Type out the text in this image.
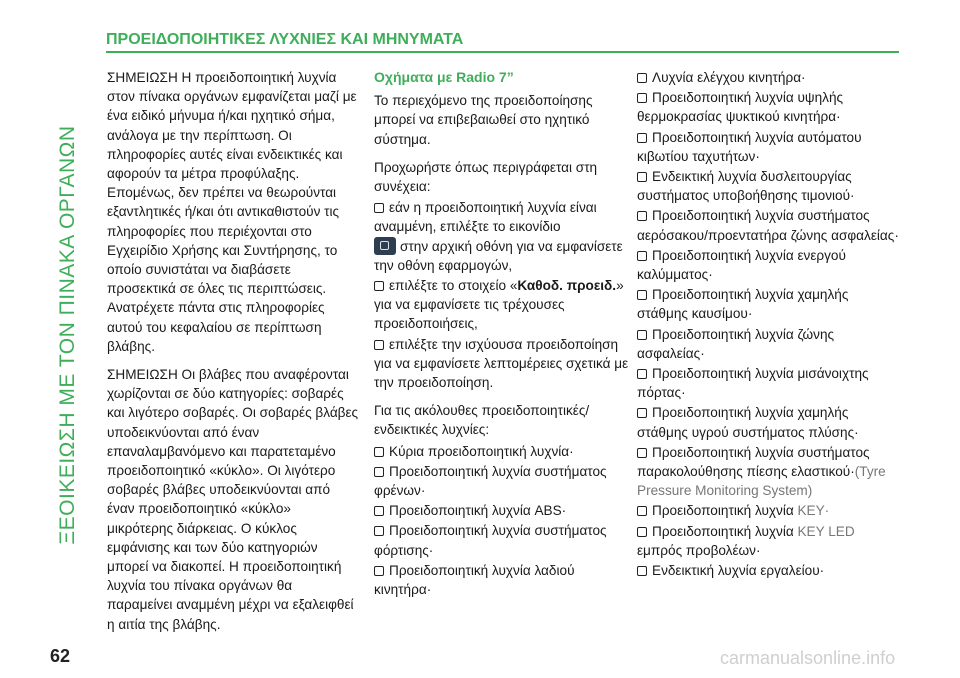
ΞΕΟΙΚΕΙΩΣΗ ΜΕ ΤΟΝ ΠΙΝΑΚΑ ΟΡΓΑΝΩΝ
ΠΡΟΕΙΔΟΠΟΙΗΤΙΚΕΣ ΛΥΧΝΙΕΣ ΚΑΙ ΜΗΝΥΜΑΤΑ

ΣΗΜΕΙΩΣΗ Η προειδοποιητική λυχνία στον πίνακα οργάνων εμφανίζεται μαζί με ένα ειδικό μήνυμα ή/και ηχητικό σήμα, ανάλογα με την περίπτωση. Οι πληροφορίες αυτές είναι ενδεικτικές και αφορούν τα μέτρα προφύλαξης. Επομένως, δεν πρέπει να θεωρούνται εξαντλητικές ή/και ότι αντικαθιστούν τις πληροφορίες που περιέχονται στο Εγχειρίδιο Χρήσης και Συντήρησης, το οποίο συνιστάται να διαβάσετε προσεκτικά σε όλες τις περιπτώσεις. Ανατρέχετε πάντα στις πληροφορίες αυτού του κεφαλαίου σε περίπτωση βλάβης.

ΣΗΜΕΙΩΣΗ Οι βλάβες που αναφέρονται χωρίζονται σε δύο κατηγορίες: σοβαρές και λιγότερο σοβαρές. Οι σοβαρές βλάβες υποδεικνύονται από έναν επαναλαμβανόμενο και παρατεταμένο προειδοποιητικό «κύκλο». Οι λιγότερο σοβαρές βλάβες υποδεικνύονται από έναν προειδοποιητικό «κύκλο» μικρότερης διάρκειας. Ο κύκλος εμφάνισης και των δύο κατηγοριών μπορεί να διακοπεί. Η προειδοποιητική λυχνία του πίνακα οργάνων θα παραμείνει αναμμένη μέχρι να εξαλειφθεί η αιτία της βλάβης.

Οχήματα με Radio 7”

Το περιεχόμενο της προειδοποίησης μπορεί να επιβεβαιωθεί στο ηχητικό σύστημα.

Προχωρήστε όπως περιγράφεται στη συνέχεια:

εάν η προειδοποιητική λυχνία είναι αναμμένη, επιλέξτε το εικονίδιο
στην αρχική οθόνη για να εμφανίσετε την οθόνη εφαρμογών,
επιλέξτε το στοιχείο «Καθοδ. προειδ.» για να εμφανίσετε τις τρέχουσες προειδοποιήσεις,
επιλέξτε την ισχύουσα προειδοποίηση για να εμφανίσετε λεπτομέρειες σχετικά με την προειδοποίηση.

Για τις ακόλουθες προειδοποιητικές/ενδεικτικές λυχνίες:

Κύρια προειδοποιητική λυχνία·
Προειδοποιητική λυχνία συστήματος φρένων·
Προειδοποιητική λυχνία ABS·
Προειδοποιητική λυχνία συστήματος φόρτισης·
Προειδοποιητική λυχνία λαδιού κινητήρα·
Λυχνία ελέγχου κινητήρα·
Προειδοποιητική λυχνία υψηλής θερμοκρασίας ψυκτικού κινητήρα·
Προειδοποιητική λυχνία αυτόματου κιβωτίου ταχυτήτων·
Ενδεικτική λυχνία δυσλειτουργίας συστήματος υποβοήθησης τιμονιού·
Προειδοποιητική λυχνία συστήματος αερόσακου/προεντατήρα ζώνης ασφαλείας·
Προειδοποιητική λυχνία ενεργού καλύμματος·
Προειδοποιητική λυχνία χαμηλής στάθμης καυσίμου·
Προειδοποιητική λυχνία ζώνης ασφαλείας·
Προειδοποιητική λυχνία μισάνοιχτης πόρτας·
Προειδοποιητική λυχνία χαμηλής στάθμης υγρού συστήματος πλύσης·
Προειδοποιητική λυχνία συστήματος παρακολούθησης πίεσης ελαστικού·(Tyre Pressure Monitoring System)
Προειδοποιητική λυχνία KEY·
Προειδοποιητική λυχνία KEY LED εμπρός προβολέων·
Ενδεικτική λυχνία εργαλείου·
62	carmanualsonline.info
